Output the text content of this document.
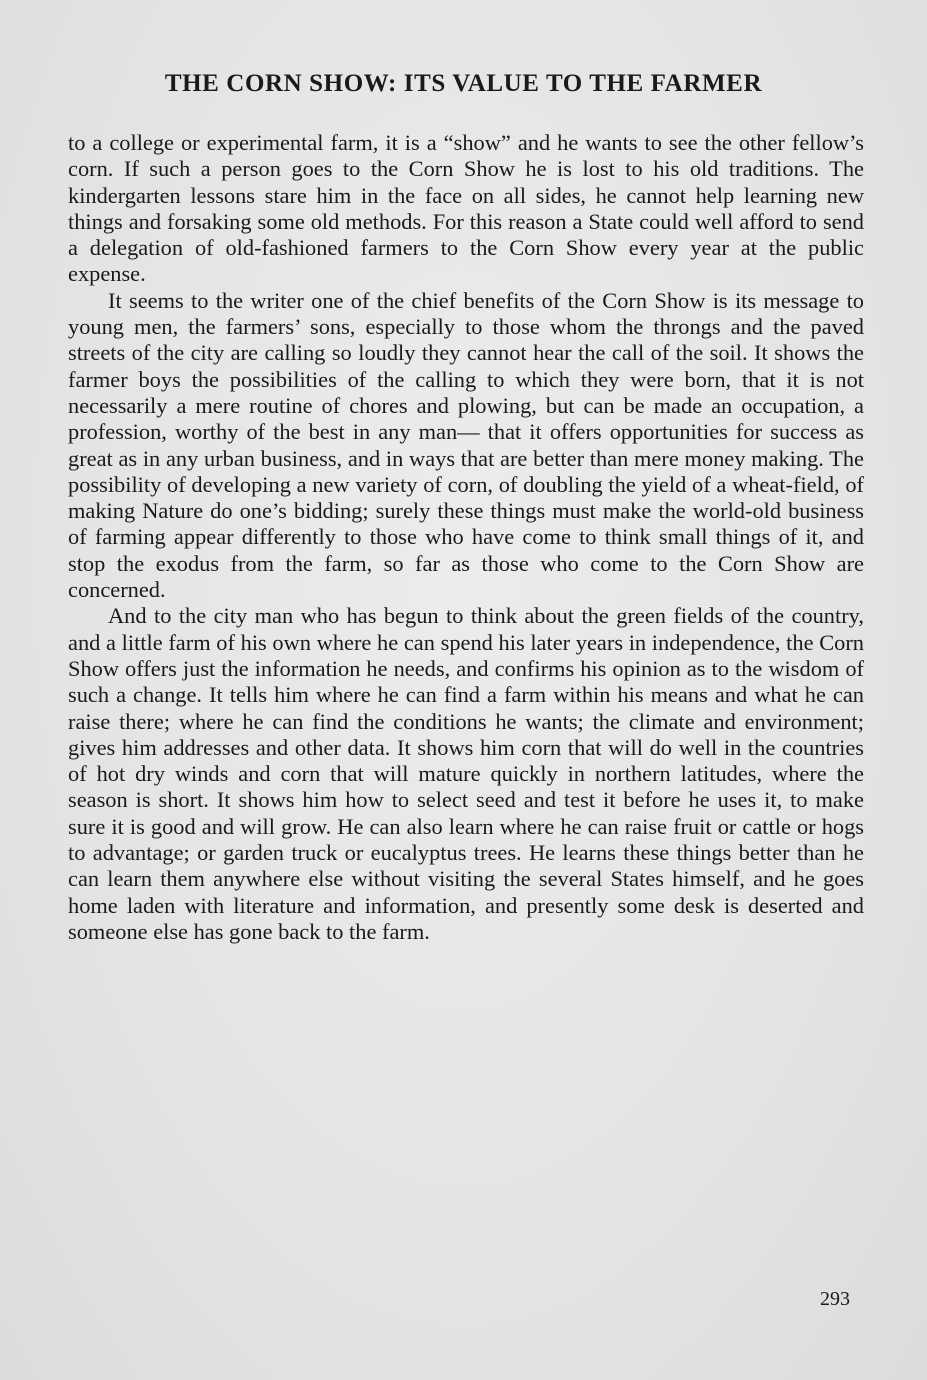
THE CORN SHOW: ITS VALUE TO THE FARMER

to a college or experimental farm, it is a “show” and he wants to see the other fellow’s corn. If such a person goes to the Corn Show he is lost to his old traditions. The kindergarten lessons stare him in the face on all sides, he cannot help learning new things and forsaking some old methods. For this reason a State could well afford to send a delegation of old-fashioned farmers to the Corn Show every year at the public expense.

It seems to the writer one of the chief benefits of the Corn Show is its message to young men, the farmers’ sons, especially to those whom the throngs and the paved streets of the city are calling so loudly they cannot hear the call of the soil. It shows the farmer boys the possibilities of the calling to which they were born, that it is not necessarily a mere routine of chores and plowing, but can be made an occupation, a profession, worthy of the best in any man— that it offers opportunities for success as great as in any urban business, and in ways that are better than mere money making. The possibility of developing a new variety of corn, of doubling the yield of a wheat-field, of making Nature do one’s bidding; surely these things must make the world-old business of farming appear differently to those who have come to think small things of it, and stop the exodus from the farm, so far as those who come to the Corn Show are concerned.

And to the city man who has begun to think about the green fields of the country, and a little farm of his own where he can spend his later years in independence, the Corn Show offers just the information he needs, and confirms his opinion as to the wisdom of such a change. It tells him where he can find a farm within his means and what he can raise there; where he can find the conditions he wants; the climate and environment; gives him addresses and other data. It shows him corn that will do well in the countries of hot dry winds and corn that will mature quickly in northern latitudes, where the season is short. It shows him how to select seed and test it before he uses it, to make sure it is good and will grow. He can also learn where he can raise fruit or cattle or hogs to advantage; or garden truck or eucalyptus trees. He learns these things better than he can learn them anywhere else without visiting the several States himself, and he goes home laden with literature and information, and presently some desk is deserted and someone else has gone back to the farm.

293
